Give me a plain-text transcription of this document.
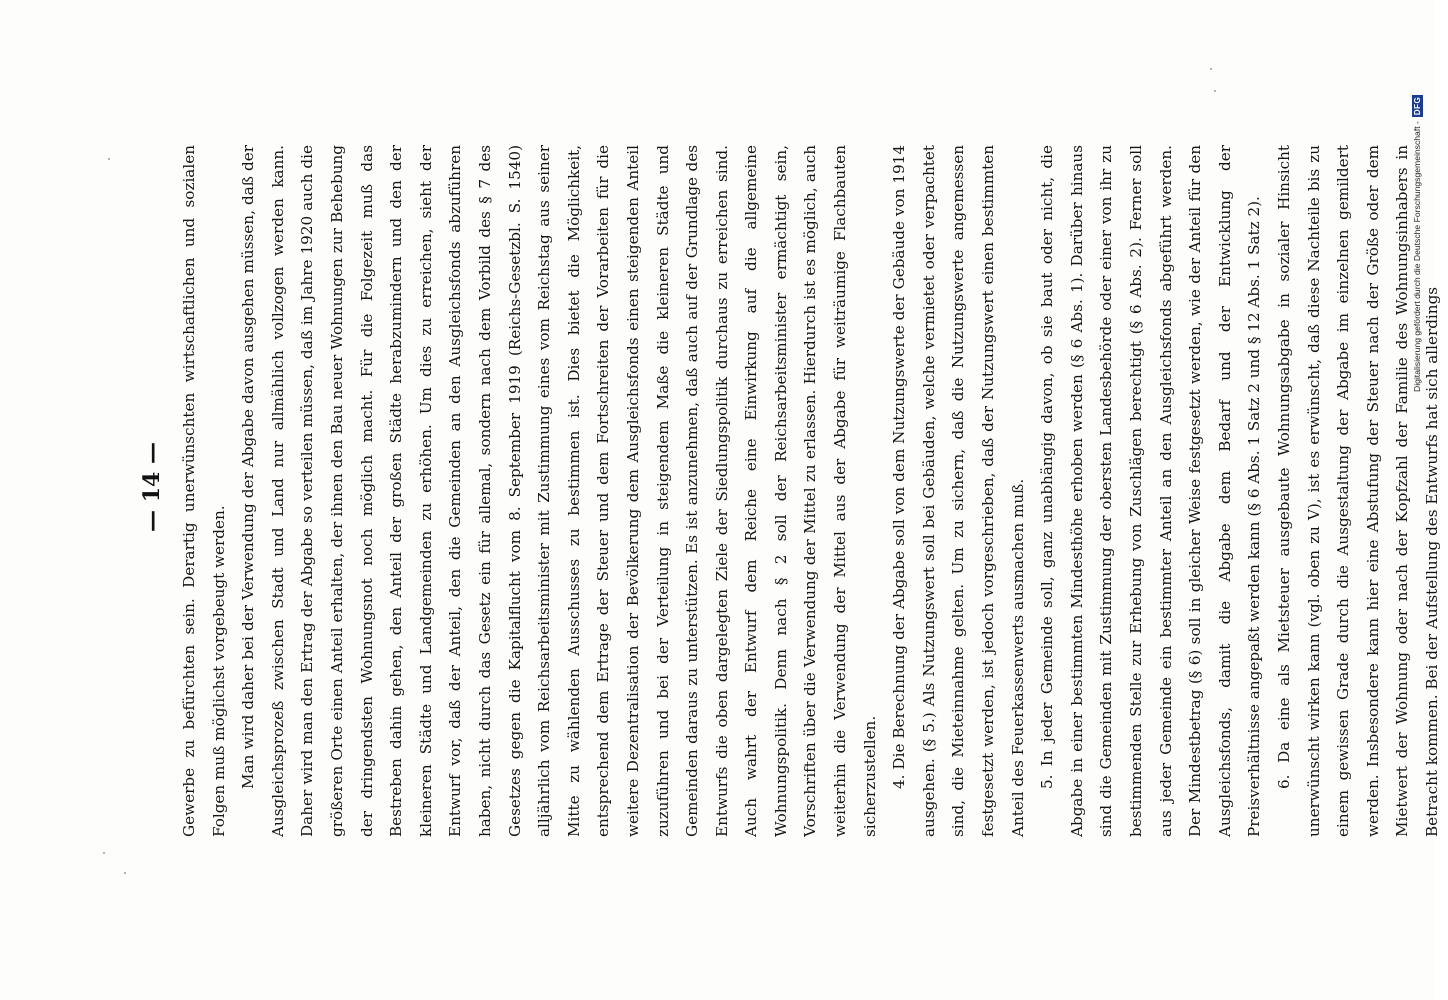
— 14 — Gewerbe zu befürchten sein. Derartig unerwünschten wirtschaftlichen und sozialen Folgen muß möglichst vorgebeugt werden. Man wird daher bei der Verwendung der Abgabe davon ausgehen müssen, daß der Ausgleichsprozeß zwischen Stadt und Land nur allmählich vollzogen werden kann. Daher wird man den Ertrag der Abgabe so verteilen müssen, daß im Jahre 1920 auch die größeren Orte einen Anteil erhalten, der ihnen den Bau neuer Wohnungen zur Behebung der dringendsten Wohnungsnot noch möglich macht. Für die Folgezeit muß das Bestreben dahin gehen, den Anteil der großen Städte herabzumindern und den der kleineren Städte und Landgemeinden zu erhöhen. Um dies zu erreichen, sieht der Entwurf vor, daß der Anteil, den die Gemeinden an den Ausgleichsfonds abzuführen haben, nicht durch das Gesetz ein für allemal, sondern nach dem Vorbild des § 7 des Gesetzes gegen die Kapitalflucht vom 8. September 1919 (Reichs-Gesetzbl. S. 1540) alljährlich vom Reichsarbeitsminister mit Zustimmung eines vom Reichstag aus seiner Mitte zu wählenden Ausschusses zu bestimmen ist. Dies bietet die Möglichkeit, entsprechend dem Ertrage der Steuer und dem Fortschreiten der Vorarbeiten für die weitere Dezentralisation der Bevölkerung dem Ausgleichsfonds einen steigenden Anteil zuzuführen und bei der Verteilung in steigendem Maße die kleineren Städte und Gemeinden daraus zu unterstützen. Es ist anzunehmen, daß auch auf der Grundlage des Entwurfs die oben dargelegten Ziele der Siedlungspolitik durchaus zu erreichen sind. Auch wahrt der Entwurf dem Reiche eine Einwirkung auf die allgemeine Wohnungspolitik. Denn nach § 2 soll der Reichsarbeitsminister ermächtigt sein, Vorschriften über die Verwendung der Mittel zu erlassen. Hierdurch ist es möglich, auch weiterhin die Verwendung der Mittel aus der Abgabe für weiträumige Flachbauten sicherzustellen. 4. Die Berechnung der Abgabe soll von dem Nutzungswerte der Gebäude von 1914 ausgehen. (§ 5.) Als Nutzungswert soll bei Gebäuden, welche vermietet oder verpachtet sind, die Mieteinnahme gelten. Um zu sichern, daß die Nutzungswerte angemessen festgesetzt werden, ist jedoch vorgeschrieben, daß der Nutzungswert einen bestimmten Anteil des Feuerkassenwerts ausmachen muß. 5. In jeder Gemeinde soll, ganz unabhängig davon, ob sie baut oder nicht, die Abgabe in einer bestimmten Mindesthöhe erhoben werden (§ 6 Abs. 1). Darüber hinaus sind die Gemeinden mit Zustimmung der obersten Landesbehörde oder einer von ihr zu bestimmenden Stelle zur Erhebung von Zuschlägen berechtigt (§ 6 Abs. 2). Ferner soll aus jeder Gemeinde ein bestimmter Anteil an den Ausgleichsfonds abgeführt werden. Der Mindestbetrag (§ 6) soll in gleicher Weise festgesetzt werden, wie der Anteil für den Ausgleichsfonds, damit die Abgabe dem Bedarf und der Entwicklung der Preisverhältnisse angepaßt werden kann (§ 6 Abs. 1 Satz 2 und § 12 Abs. 1 Satz 2). 6. Da eine als Mietsteuer ausgebaute Wohnungsabgabe in sozialer Hinsicht unerwünscht wirken kann (vgl. oben zu V), ist es erwünscht, daß diese Nachteile bis zu einem gewissen Grade durch die Ausgestaltung der Abgabe im einzelnen gemildert werden. Insbesondere kann hier eine Abstufung der Steuer nach der Größe oder dem Mietwert der Wohnung oder nach der Kopfzahl der Familie des Wohnungsinhabers in Betracht kommen. Bei der Aufstellung des Entwurfs hat sich allerdings

Digitalisierung gefördert durch die Deutsche Forschungsgemeinschaft -
DFG
